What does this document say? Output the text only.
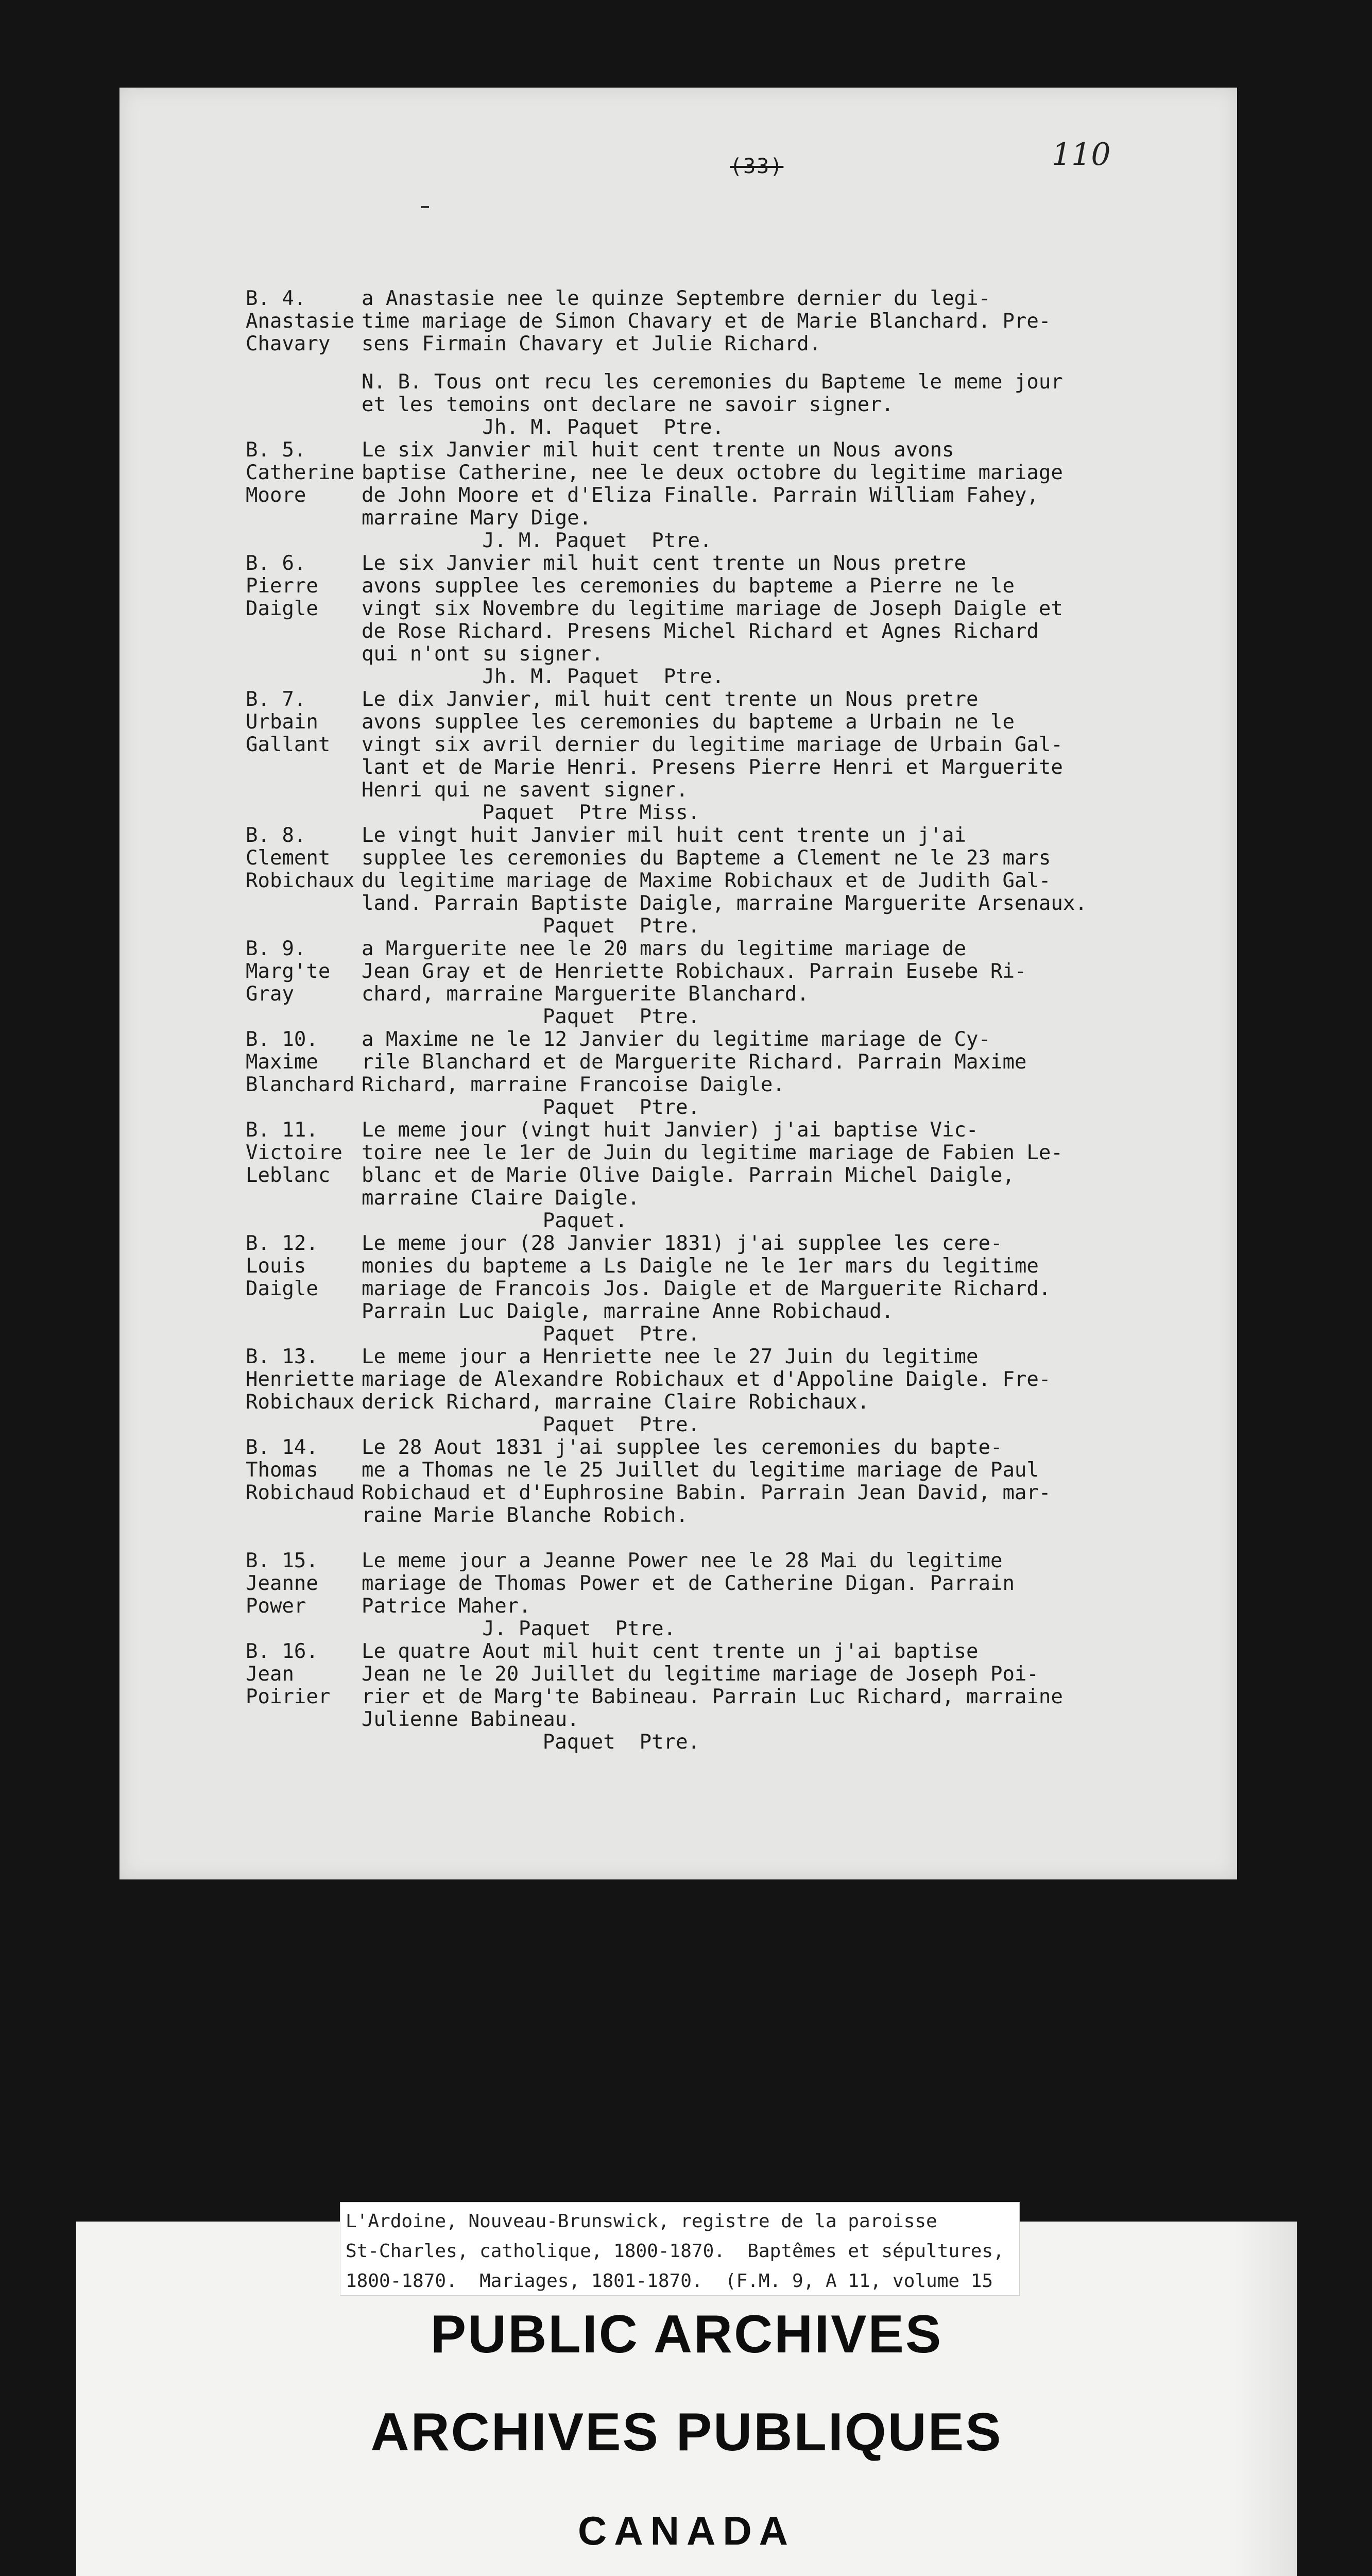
(33)	110
B. 4.
Anastasie
Chavary
a Anastasie nee le quinze Septembre dernier du legi-
time mariage de Simon Chavary et de Marie Blanchard. Pre-
sens Firmain Chavary et Julie Richard.
N. B. Tous ont recu les ceremonies du Bapteme le meme jour
et les temoins ont declare ne savoir signer.
Jh. M. Paquet  Ptre.
B. 5.
Catherine
Moore
Le six Janvier mil huit cent trente un Nous avons
baptise Catherine, nee le deux octobre du legitime mariage
de John Moore et d'Eliza Finalle. Parrain William Fahey,
marraine Mary Dige.
J. M. Paquet  Ptre.
B. 6.
Pierre
Daigle
Le six Janvier mil huit cent trente un Nous pretre
avons supplee les ceremonies du bapteme a Pierre ne le
vingt six Novembre du legitime mariage de Joseph Daigle et
de Rose Richard. Presens Michel Richard et Agnes Richard
qui n'ont su signer.
Jh. M. Paquet  Ptre.
B. 7.
Urbain
Gallant
Le dix Janvier, mil huit cent trente un Nous pretre
avons supplee les ceremonies du bapteme a Urbain ne le
vingt six avril dernier du legitime mariage de Urbain Gal-
lant et de Marie Henri. Presens Pierre Henri et Marguerite
Henri qui ne savent signer.
Paquet  Ptre Miss.
B. 8.
Clement
Robichaux
Le vingt huit Janvier mil huit cent trente un j'ai
supplee les ceremonies du Bapteme a Clement ne le 23 mars
du legitime mariage de Maxime Robichaux et de Judith Gal-
land. Parrain Baptiste Daigle, marraine Marguerite Arsenaux.
Paquet  Ptre.
B. 9.
Marg'te
Gray
a Marguerite nee le 20 mars du legitime mariage de
Jean Gray et de Henriette Robichaux. Parrain Eusebe Ri-
chard, marraine Marguerite Blanchard.
Paquet  Ptre.
B. 10.
Maxime
Blanchard
a Maxime ne le 12 Janvier du legitime mariage de Cy-
rile Blanchard et de Marguerite Richard. Parrain Maxime
Richard, marraine Francoise Daigle.
Paquet  Ptre.
B. 11.
Victoire
Leblanc
Le meme jour (vingt huit Janvier) j'ai baptise Vic-
toire nee le 1er de Juin du legitime mariage de Fabien Le-
blanc et de Marie Olive Daigle. Parrain Michel Daigle,
marraine Claire Daigle.
Paquet.
B. 12.
Louis
Daigle
Le meme jour (28 Janvier 1831) j'ai supplee les cere-
monies du bapteme a Ls Daigle ne le 1er mars du legitime
mariage de Francois Jos. Daigle et de Marguerite Richard.
Parrain Luc Daigle, marraine Anne Robichaud.
Paquet  Ptre.
B. 13.
Henriette
Robichaux
Le meme jour a Henriette nee le 27 Juin du legitime
mariage de Alexandre Robichaux et d'Appoline Daigle. Fre-
derick Richard, marraine Claire Robichaux.
Paquet  Ptre.
B. 14.
Thomas
Robichaud
Le 28 Aout 1831 j'ai supplee les ceremonies du bapte-
me a Thomas ne le 25 Juillet du legitime mariage de Paul
Robichaud et d'Euphrosine Babin. Parrain Jean David, mar-
raine Marie Blanche Robich.
B. 15.
Jeanne
Power
Le meme jour a Jeanne Power nee le 28 Mai du legitime
mariage de Thomas Power et de Catherine Digan. Parrain
Patrice Maher.
J. Paquet  Ptre.
B. 16.
Jean
Poirier
Le quatre Aout mil huit cent trente un j'ai baptise
Jean ne le 20 Juillet du legitime mariage de Joseph Poi-
rier et de Marg'te Babineau. Parrain Luc Richard, marraine
Julienne Babineau.
Paquet  Ptre.
L'Ardoine, Nouveau-Brunswick, registre de la paroisse
St-Charles, catholique, 1800-1870.  Baptêmes et sépultures,
1800-1870.  Mariages, 1801-1870.  (F.M. 9, A 11, volume 15
PUBLIC ARCHIVES
ARCHIVES PUBLIQUES
CANADA
